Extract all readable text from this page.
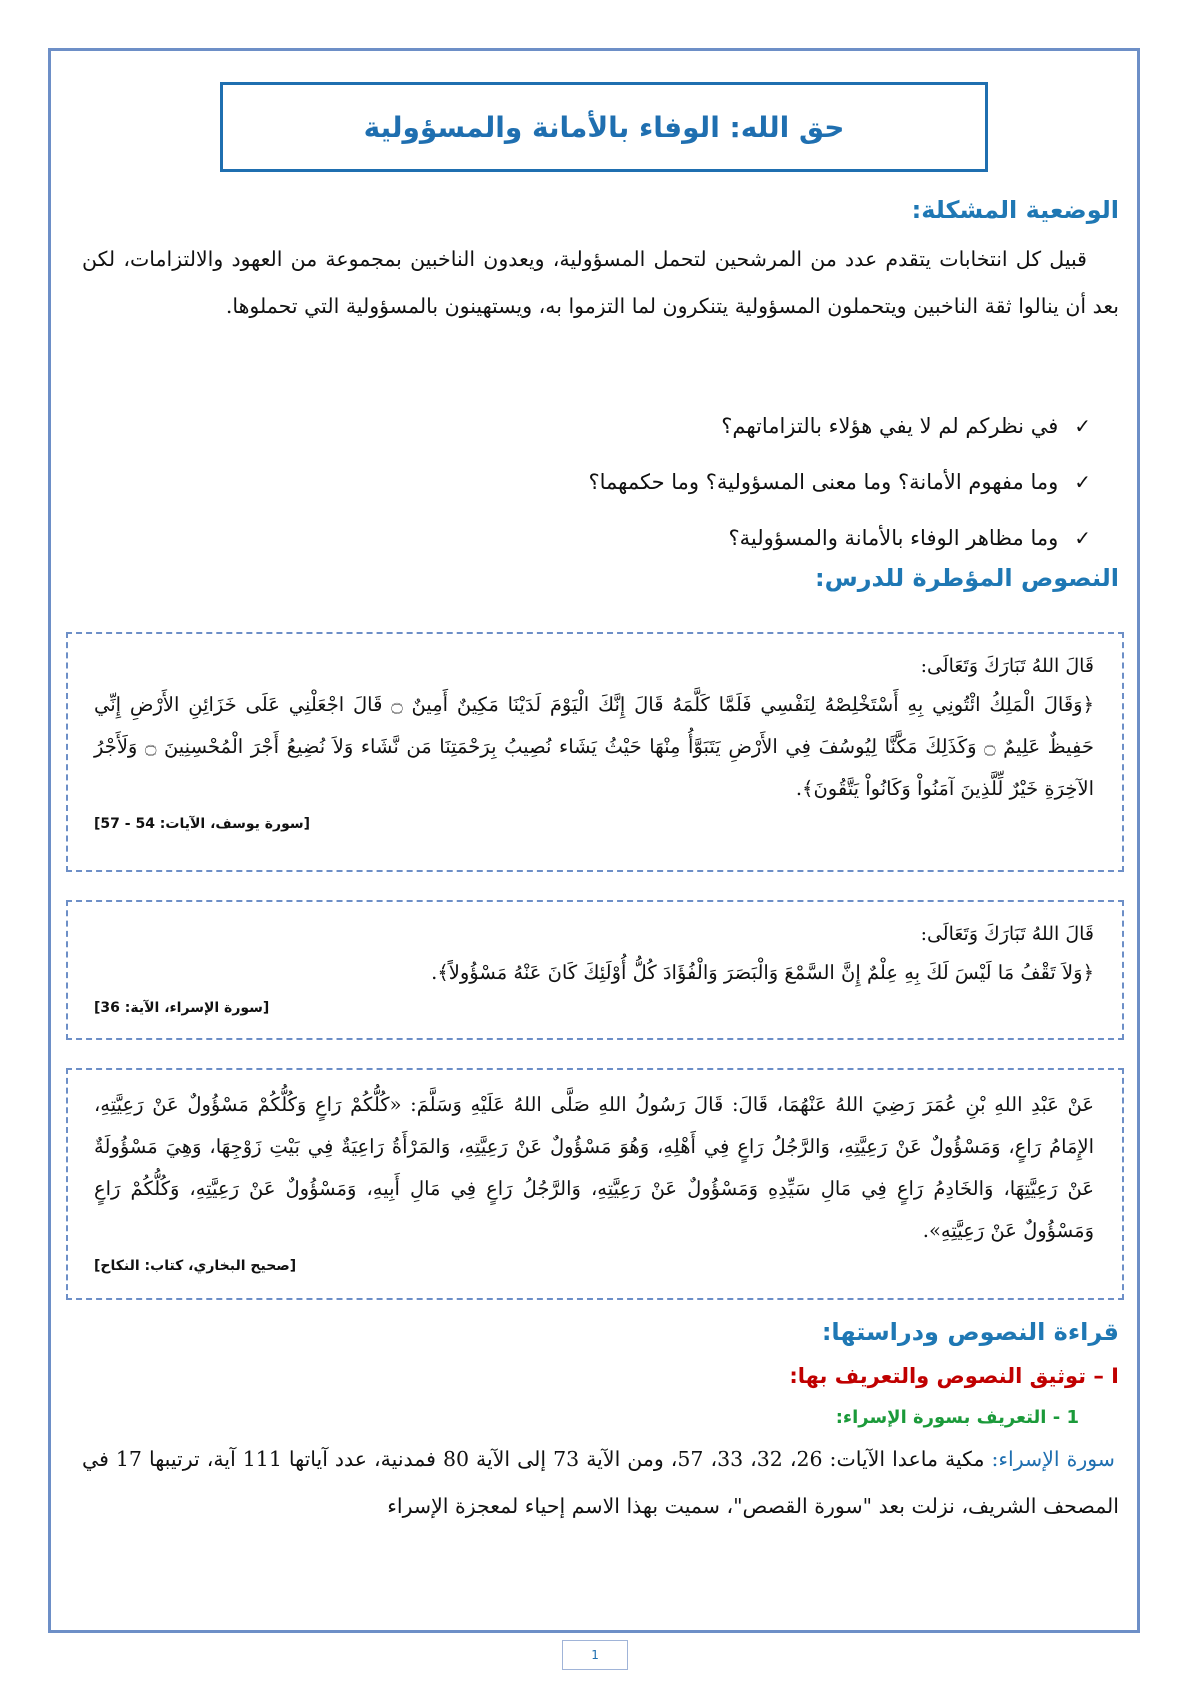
حق الله: الوفاء بالأمانة والمسؤولية
الوضعية المشكلة:
قبيل كل انتخابات يتقدم عدد من المرشحين لتحمل المسؤولية، ويعدون الناخبين بمجموعة من العهود والالتزامات، لكن بعد أن ينالوا ثقة الناخبين ويتحملون المسؤولية يتنكرون لما التزموا به، ويستهينون بالمسؤولية التي تحملوها.
✓في نظركم لم لا يفي هؤلاء بالتزاماتهم؟
✓وما مفهوم الأمانة؟ وما معنى المسؤولية؟ وما حكمهما؟
✓وما مظاهر الوفاء بالأمانة والمسؤولية؟
النصوص المؤطرة للدرس:
قَالَ اللهُ تَبَارَكَ وَتَعَالَى:
﴿وَقَالَ الْمَلِكُ ائْتُونِي بِهِ أَسْتَخْلِصْهُ لِنَفْسِي فَلَمَّا كَلَّمَهُ قَالَ إِنَّكَ الْيَوْمَ لَدَيْنَا مَكِينٌ أَمِينٌ ۝ قَالَ اجْعَلْنِي عَلَى خَزَائِنِ الأَرْضِ إِنِّي حَفِيظٌ عَلِيمٌ ۝ وَكَذَلِكَ مَكَّنَّا لِيُوسُفَ فِي الأَرْضِ يَتَبَوَّأُ مِنْهَا حَيْثُ يَشَاء نُصِيبُ بِرَحْمَتِنَا مَن نَّشَاء وَلاَ نُضِيعُ أَجْرَ الْمُحْسِنِينَ ۝ وَلَأَجْرُ الآخِرَةِ خَيْرٌ لِّلَّذِينَ آمَنُواْ وَكَانُواْ يَتَّقُونَ﴾.
[سورة يوسف، الآيات: 54 - 57]
قَالَ اللهُ تَبَارَكَ وَتَعَالَى:
﴿وَلاَ تَقْفُ مَا لَيْسَ لَكَ بِهِ عِلْمٌ إِنَّ السَّمْعَ وَالْبَصَرَ وَالْفُؤَادَ كُلُّ أُوْلَئِكَ كَانَ عَنْهُ مَسْؤُولاً﴾.
[سورة الإسراء، الآية: 36]
عَنْ عَبْدِ اللهِ بْنِ عُمَرَ رَضِيَ اللهُ عَنْهُمَا، قَالَ: قَالَ رَسُولُ اللهِ صَلَّى اللهُ عَلَيْهِ وَسَلَّمَ: «كُلُّكُمْ رَاعٍ وَكُلُّكُمْ مَسْؤُولٌ عَنْ رَعِيَّتِهِ، الإِمَامُ رَاعٍ، وَمَسْؤُولٌ عَنْ رَعِيَّتِهِ، وَالرَّجُلُ رَاعٍ فِي أَهْلِهِ، وَهُوَ مَسْؤُولٌ عَنْ رَعِيَّتِهِ، وَالمَرْأَةُ رَاعِيَةٌ فِي بَيْتِ زَوْجِهَا، وَهِيَ مَسْؤُولَةٌ عَنْ رَعِيَّتِهَا، وَالخَادِمُ رَاعٍ فِي مَالِ سَيِّدِهِ وَمَسْؤُولٌ عَنْ رَعِيَّتِهِ، وَالرَّجُلُ رَاعٍ فِي مَالِ أَبِيهِ، وَمَسْؤُولٌ عَنْ رَعِيَّتِهِ، وَكُلُّكُمْ رَاعٍ وَمَسْؤُولٌ عَنْ رَعِيَّتِهِ».
[صحيح البخاري، كتاب: النكاح]
قراءة النصوص ودراستها:
I – توثيق النصوص والتعريف بها:
1 - التعريف بسورة الإسراء:
سورة الإسراء: مكية ماعدا الآيات: 26، 32، 33، 57، ومن الآية 73 إلى الآية 80 فمدنية، عدد آياتها 111 آية، ترتيبها 17 في المصحف الشريف، نزلت بعد "سورة القصص"، سميت بهذا الاسم إحياء لمعجزة الإسراء
1
